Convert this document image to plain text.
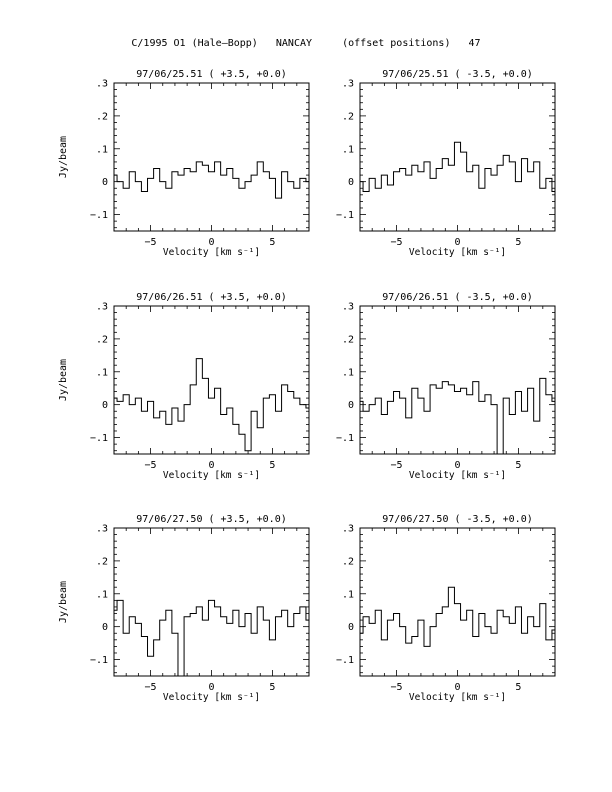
C/1995 O1 (Hale–Bopp)   NANCAY     (offset positions)   47
−5	0	5
−.1
0
.1
.2
.3
97/06/25.51 ( +3.5, +0.0)
Velocity [km s⁻¹]
Jy/beam
−5	0	5
−.1
0
.1
.2
.3
97/06/25.51 ( -3.5, +0.0)
Velocity [km s⁻¹]
−5	0	5
−.1
0
.1
.2
.3
97/06/26.51 ( +3.5, +0.0)
Velocity [km s⁻¹]
Jy/beam
−5	0	5
−.1
0
.1
.2
.3
97/06/26.51 ( -3.5, +0.0)
Velocity [km s⁻¹]
−5	0	5
−.1
0
.1
.2
.3
97/06/27.50 ( +3.5, +0.0)
Velocity [km s⁻¹]
Jy/beam
−5	0	5
−.1
0
.1
.2
.3
97/06/27.50 ( -3.5, +0.0)
Velocity [km s⁻¹]
